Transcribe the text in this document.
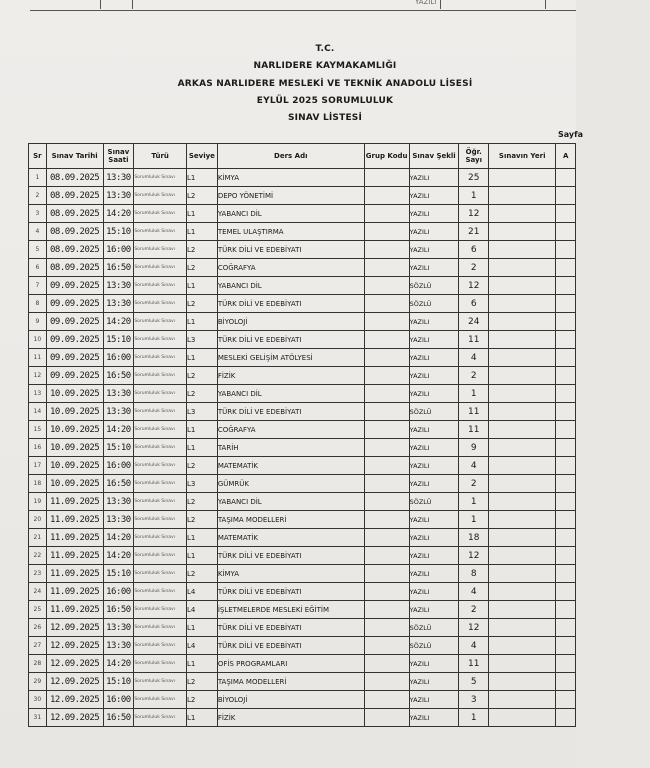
YAZILI
T.C.
NARLIDERE KAYMAKAMLIĞI
ARKAS NARLIDERE MESLEKİ VE TEKNİK ANADOLU LİSESİ
EYLÜL 2025 SORUMLULUK
SINAV LİSTESİ
Sayfa
Sr	Sınav Tarihi	Sınav Saati	Türü	Seviye	Ders Adı	Grup Kodu	Sınav Şekli	Öğr. Sayı	Sınavın Yeri	A
1	08.09.2025	13:30	Sorumluluk Sınavı	L1	KİMYA		YAZILI	25		
2	08.09.2025	13:30	Sorumluluk Sınavı	L2	DEPO YÖNETİMİ		YAZILI	1		
3	08.09.2025	14:20	Sorumluluk Sınavı	L1	YABANCI DİL		YAZILI	12		
4	08.09.2025	15:10	Sorumluluk Sınavı	L1	TEMEL ULAŞTIRMA		YAZILI	21		
5	08.09.2025	16:00	Sorumluluk Sınavı	L2	TÜRK DİLİ VE EDEBİYATI		YAZILI	6		
6	08.09.2025	16:50	Sorumluluk Sınavı	L2	COĞRAFYA		YAZILI	2		
7	09.09.2025	13:30	Sorumluluk Sınavı	L1	YABANCI DİL		SÖZLÜ	12		
8	09.09.2025	13:30	Sorumluluk Sınavı	L2	TÜRK DİLİ VE EDEBİYATI		SÖZLÜ	6		
9	09.09.2025	14:20	Sorumluluk Sınavı	L1	BİYOLOJİ		YAZILI	24		
10	09.09.2025	15:10	Sorumluluk Sınavı	L3	TÜRK DİLİ VE EDEBİYATI		YAZILI	11		
11	09.09.2025	16:00	Sorumluluk Sınavı	L1	MESLEKİ GELİŞİM ATÖLYESİ		YAZILI	4		
12	09.09.2025	16:50	Sorumluluk Sınavı	L2	FİZİK		YAZILI	2		
13	10.09.2025	13:30	Sorumluluk Sınavı	L2	YABANCI DİL		YAZILI	1		
14	10.09.2025	13:30	Sorumluluk Sınavı	L3	TÜRK DİLİ VE EDEBİYATI		SÖZLÜ	11		
15	10.09.2025	14:20	Sorumluluk Sınavı	L1	COĞRAFYA		YAZILI	11		
16	10.09.2025	15:10	Sorumluluk Sınavı	L1	TARİH		YAZILI	9		
17	10.09.2025	16:00	Sorumluluk Sınavı	L2	MATEMATİK		YAZILI	4		
18	10.09.2025	16:50	Sorumluluk Sınavı	L3	GÜMRÜK		YAZILI	2		
19	11.09.2025	13:30	Sorumluluk Sınavı	L2	YABANCI DİL		SÖZLÜ	1		
20	11.09.2025	13:30	Sorumluluk Sınavı	L2	TAŞIMA MODELLERİ		YAZILI	1		
21	11.09.2025	14:20	Sorumluluk Sınavı	L1	MATEMATİK		YAZILI	18		
22	11.09.2025	14:20	Sorumluluk Sınavı	L1	TÜRK DİLİ VE EDEBİYATI		YAZILI	12		
23	11.09.2025	15:10	Sorumluluk Sınavı	L2	KİMYA		YAZILI	8		
24	11.09.2025	16:00	Sorumluluk Sınavı	L4	TÜRK DİLİ VE EDEBİYATI		YAZILI	4		
25	11.09.2025	16:50	Sorumluluk Sınavı	L4	İŞLETMELERDE MESLEKİ EĞİTİM		YAZILI	2		
26	12.09.2025	13:30	Sorumluluk Sınavı	L1	TÜRK DİLİ VE EDEBİYATI		SÖZLÜ	12		
27	12.09.2025	13:30	Sorumluluk Sınavı	L4	TÜRK DİLİ VE EDEBİYATI		SÖZLÜ	4		
28	12.09.2025	14:20	Sorumluluk Sınavı	L1	OFİS PROGRAMLARI		YAZILI	11		
29	12.09.2025	15:10	Sorumluluk Sınavı	L2	TAŞIMA MODELLERİ		YAZILI	5		
30	12.09.2025	16:00	Sorumluluk Sınavı	L2	BİYOLOJİ		YAZILI	3		
31	12.09.2025	16:50	Sorumluluk Sınavı	L1	FİZİK		YAZILI	1		
